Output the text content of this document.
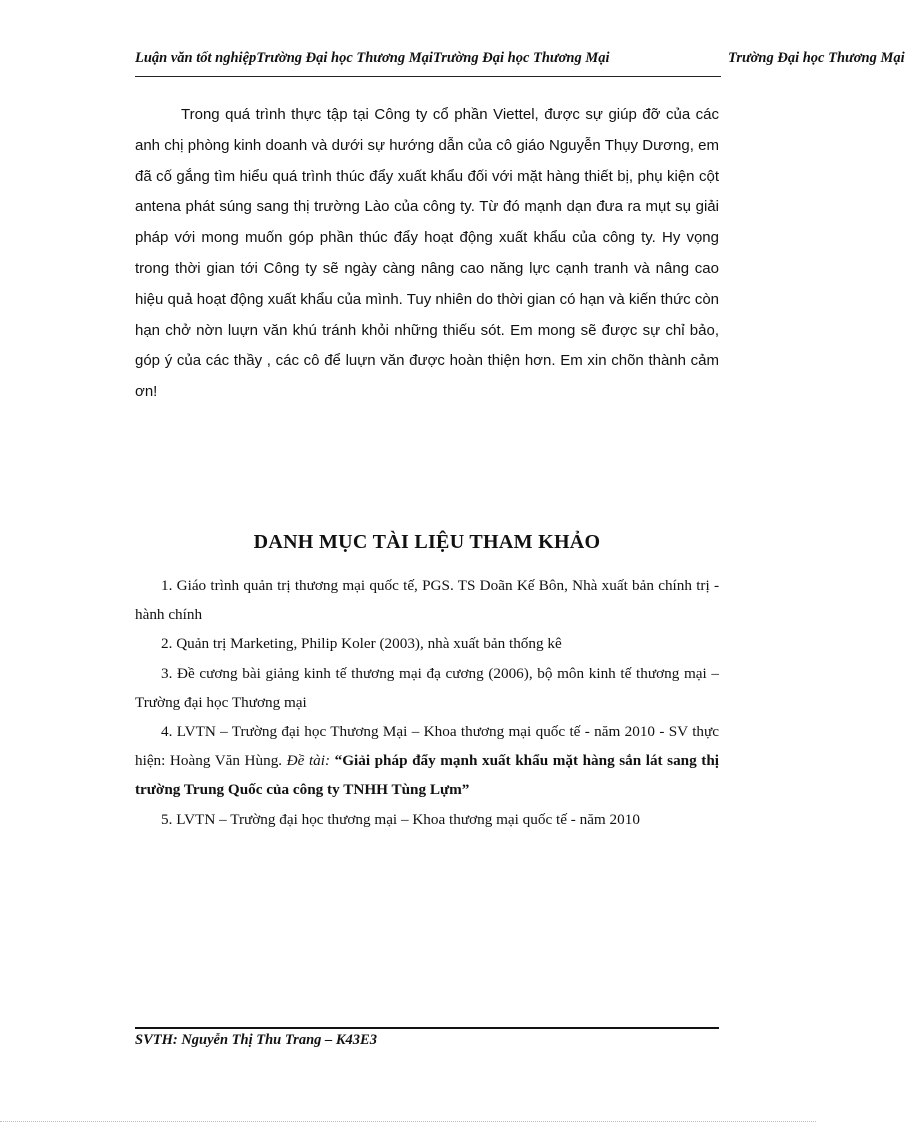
Luận văn tốt nghiệpTrường Đại học Thương MạiTrường Đại học Thương Mại	Trường Đại học Thương Mại

Trong quá trình thực tập tại Công ty cổ phần Viettel, được sự giúp đỡ của các anh chị phòng kinh doanh và dưới sự hướng dẫn của cô giáo Nguyễn Thụy Dương, em đã cố gắng tìm hiểu quá trình thúc đẩy xuất khẩu đối với mặt hàng thiết bị, phụ kiện cột antena phát súng sang thị trường Lào của công ty. Từ đó mạnh dạn đưa ra mụt sụ giải pháp với mong muốn góp phần thúc đẩy hoạt động xuất khẩu của công ty. Hy vọng trong thời gian tới Công ty sẽ ngày càng nâng cao năng lực cạnh tranh và nâng cao hiệu quả hoạt động xuất khẩu của mình. Tuy nhiên do thời gian có hạn và kiến thức còn hạn chở nờn luựn văn khú tránh khỏi những thiếu sót. Em mong sẽ được sự chỉ bảo, góp ý của các thầy , các cô để luựn văn được hoàn thiện hơn. Em xin chõn thành cảm ơn!

DANH MỤC TÀI LIỆU THAM KHẢO
1. Giáo trình quản trị thương mại quốc tế, PGS. TS Doãn Kế Bôn, Nhà xuất bản chính trị - hành chính
2. Quản trị Marketing, Philip Koler (2003), nhà xuất bản thống kê
3. Đề cương bài giảng kinh tế thương mại đạ cương (2006), bộ môn kinh tế thương mại – Trường đại học Thương mại
4. LVTN – Trường đại học Thương Mại – Khoa thương mại quốc tế - năm 2010 - SV thực hiện: Hoàng Văn Hùng. Đề tài: “Giải pháp đẩy mạnh xuất khẩu mặt hàng sắn lát sang thị trường Trung Quốc của công ty TNHH Tùng Lựm”
5. LVTN – Trường đại học thương mại – Khoa thương mại quốc tế - năm 2010
SVTH: Nguyễn Thị Thu Trang – K43E3
